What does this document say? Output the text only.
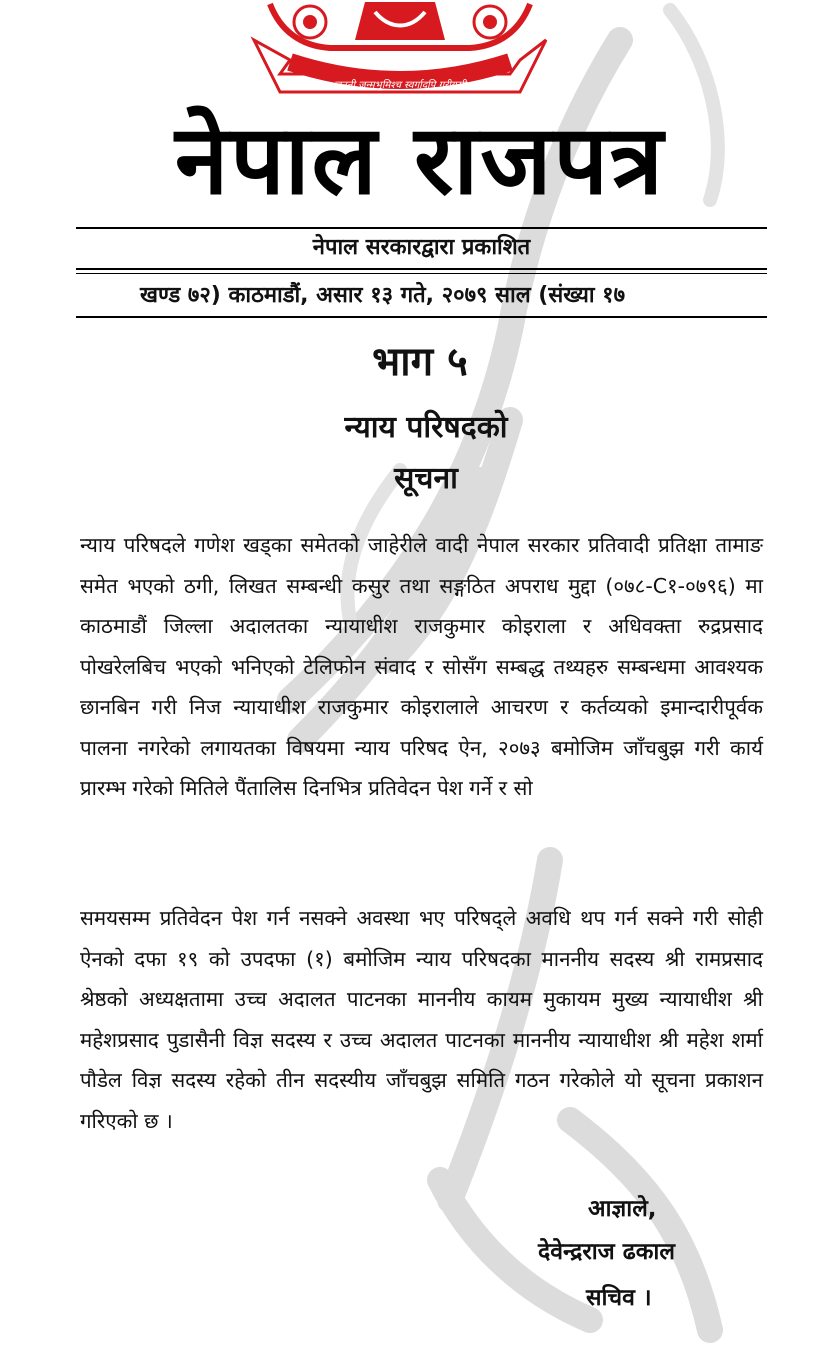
जननी जन्मभूमिश्च स्वर्गादपि गरीयसी
नेपाल राजपत्र
नेपाल सरकारद्वारा प्रकाशित
खण्ड ७२) काठमाडौं, असार १३ गते, २०७९ साल (संख्या १७
भाग ५
न्याय परिषदको
सूचना

न्याय परिषदले गणेश खड्का समेतको जाहेरीले वादी नेपाल सरकार प्रतिवादी प्रतिक्षा तामाङ समेत भएको ठगी, लिखत सम्बन्धी कसुर तथा सङ्गठित अपराध मुद्दा (०७८-C१-०७९६) मा काठमाडौं जिल्ला अदालतका न्यायाधीश राजकुमार कोइराला र अधिवक्ता रुद्रप्रसाद पोखरेलबिच भएको भनिएको टेलिफोन संवाद र सोसँग सम्बद्ध तथ्यहरु सम्बन्धमा आवश्यक छानबिन गरी निज न्यायाधीश राजकुमार कोइरालाले आचरण र कर्तव्यको इमान्दारीपूर्वक पालना नगरेको लगायतका विषयमा न्याय परिषद ऐन, २०७३ बमोजिम जाँचबुझ गरी कार्य प्रारम्भ गरेको मितिले पैंतालिस दिनभित्र प्रतिवेदन पेश गर्ने र सो

समयसम्म प्रतिवेदन पेश गर्न नसक्ने अवस्था भए परिषद्ले अवधि थप गर्न सक्ने गरी सोही ऐनको दफा १९ को उपदफा (१) बमोजिम न्याय परिषदका माननीय सदस्य श्री रामप्रसाद श्रेष्ठको अध्यक्षतामा उच्च अदालत पाटनका माननीय कायम मुकायम मुख्य न्यायाधीश श्री महेशप्रसाद पुडासैनी विज्ञ सदस्य र उच्च अदालत पाटनका माननीय न्यायाधीश श्री महेश शर्मा पौडेल विज्ञ सदस्य रहेको तीन सदस्यीय जाँचबुझ समिति गठन गरेकोले यो सूचना प्रकाशन गरिएको छ ।

आज्ञाले,
देवेन्द्रराज ढकाल
सचिव ।
